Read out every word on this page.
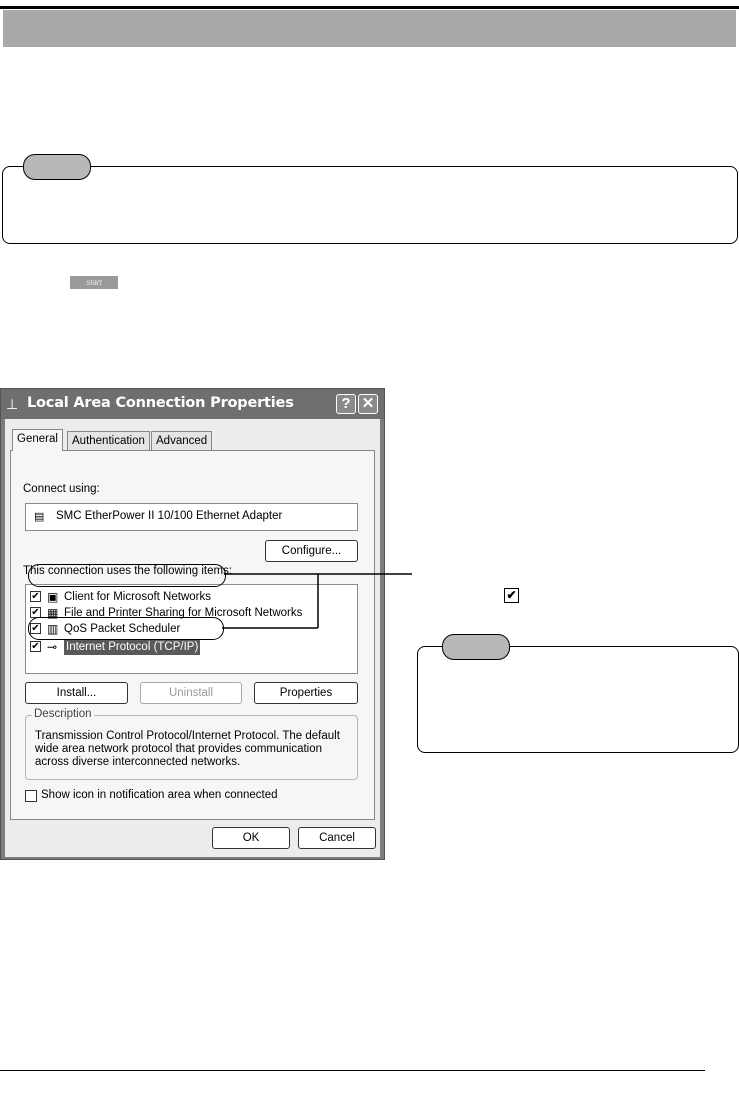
start
⊥ Local Area Connection Properties	? ✕
General	Authentication Advanced
Connect using:
▤ SMC EtherPower II 10/100 Ethernet Adapter
Configure...
This connection uses the following items:
✔ ▣ Client for Microsoft Networks
✔ ▦ File and Printer Sharing for Microsoft Networks
✔ ▥ QoS Packet Scheduler
✔ ⊸ Internet Protocol (TCP/IP)
Install...	Uninstall	Properties
Description
Transmission Control Protocol/Internet Protocol. The default wide area network protocol that provides communication across diverse interconnected networks.
Show icon in notification area when connected
OK	Cancel
✔
